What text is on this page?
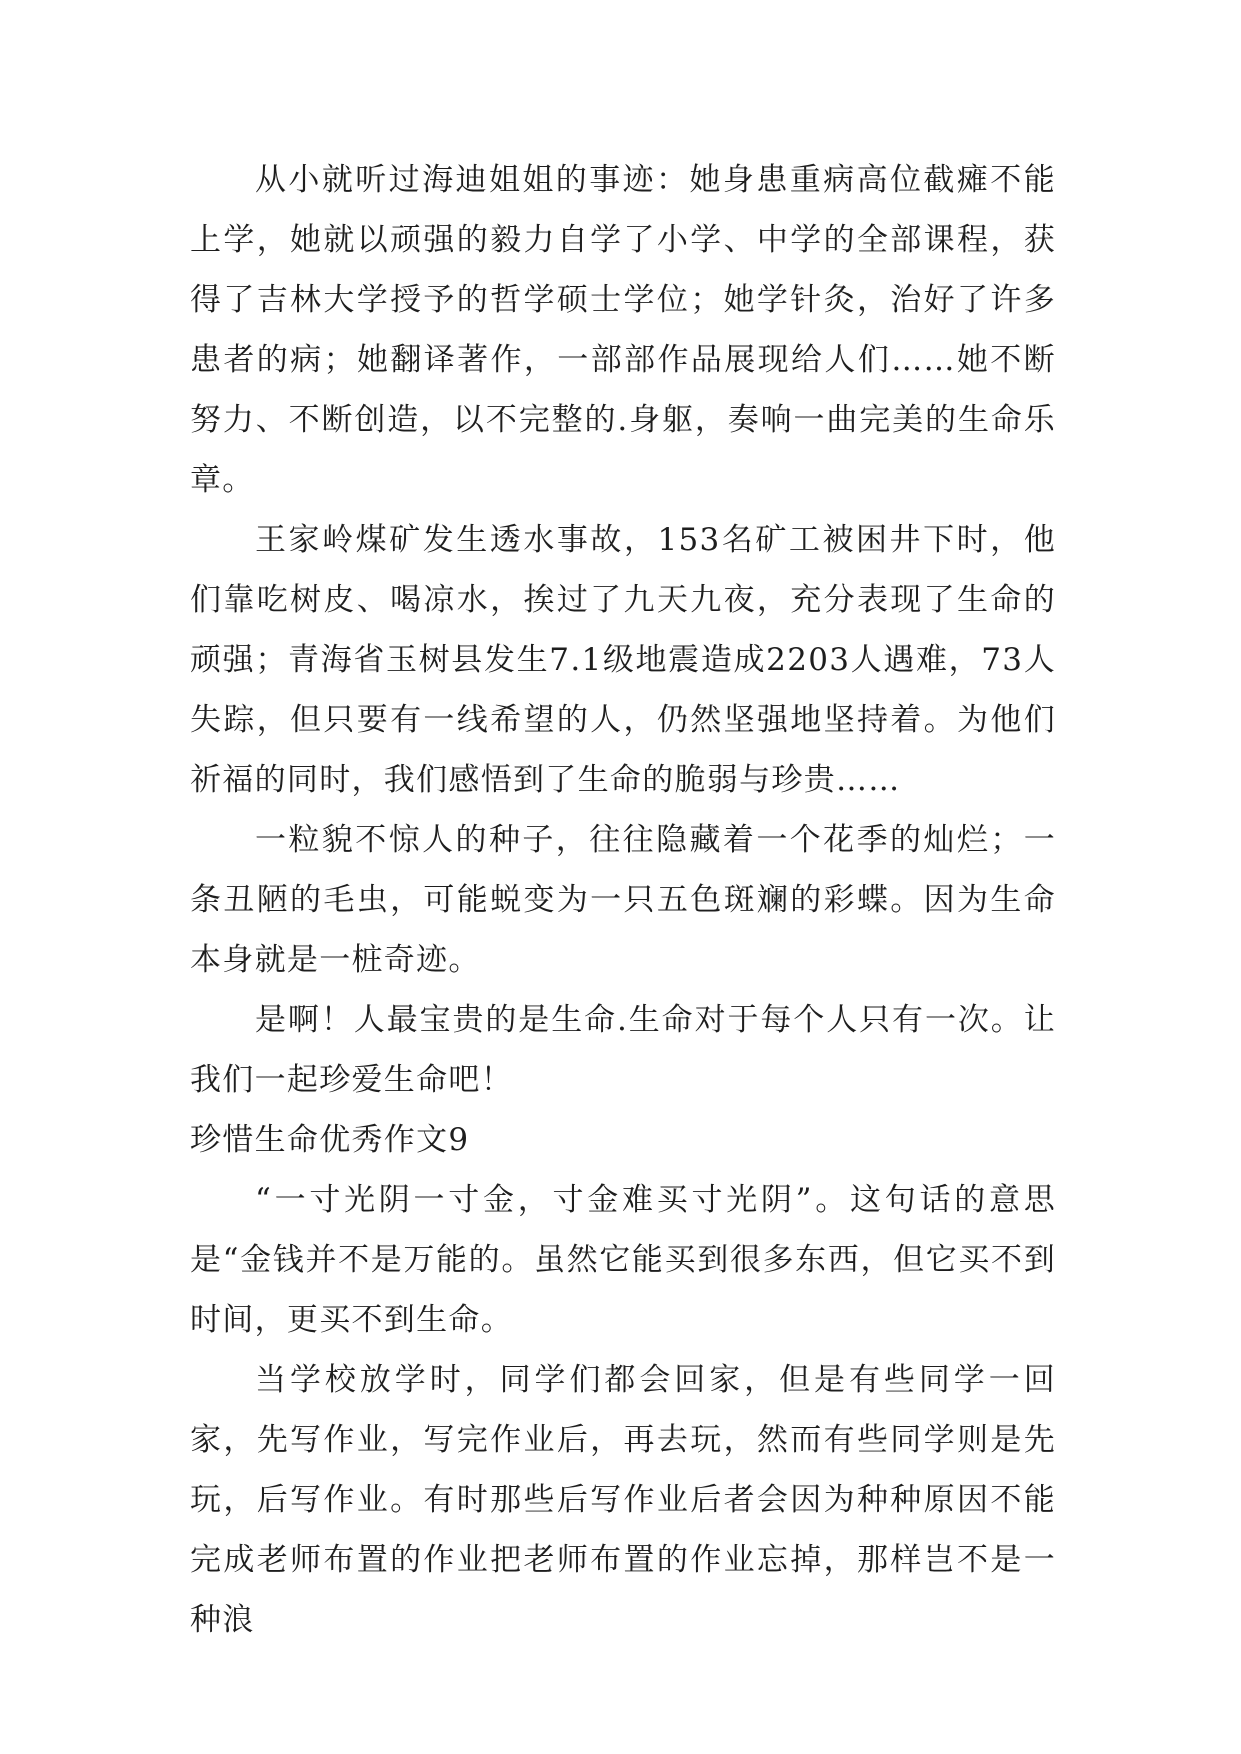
从小就听过海迪姐姐的事迹：她身患重病高位截瘫不能上学，她就以顽强的毅力自学了小学、中学的全部课程，获得了吉林大学授予的哲学硕士学位；她学针灸，治好了许多患者的病；她翻译著作，一部部作品展现给人们……她不断努力、不断创造，以不完整的.身躯，奏响一曲完美的生命乐章。

王家岭煤矿发生透水事故，153名矿工被困井下时，他们靠吃树皮、喝凉水，挨过了九天九夜，充分表现了生命的顽强；青海省玉树县发生7.1级地震造成2203人遇难，73人失踪，但只要有一线希望的人，仍然坚强地坚持着。为他们祈福的同时，我们感悟到了生命的脆弱与珍贵……

一粒貌不惊人的种子，往往隐藏着一个花季的灿烂；一条丑陋的毛虫，可能蜕变为一只五色斑斓的彩蝶。因为生命本身就是一桩奇迹。

是啊！人最宝贵的是生命.生命对于每个人只有一次。让我们一起珍爱生命吧！

珍惜生命优秀作文9

“一寸光阴一寸金，寸金难买寸光阴”。这句话的意思是“金钱并不是万能的。虽然它能买到很多东西，但它买不到时间，更买不到生命。

当学校放学时，同学们都会回家，但是有些同学一回家，先写作业，写完作业后，再去玩，然而有些同学则是先玩，后写作业。有时那些后写作业后者会因为种种原因不能完成老师布置的作业把老师布置的作业忘掉，那样岂不是一种浪
